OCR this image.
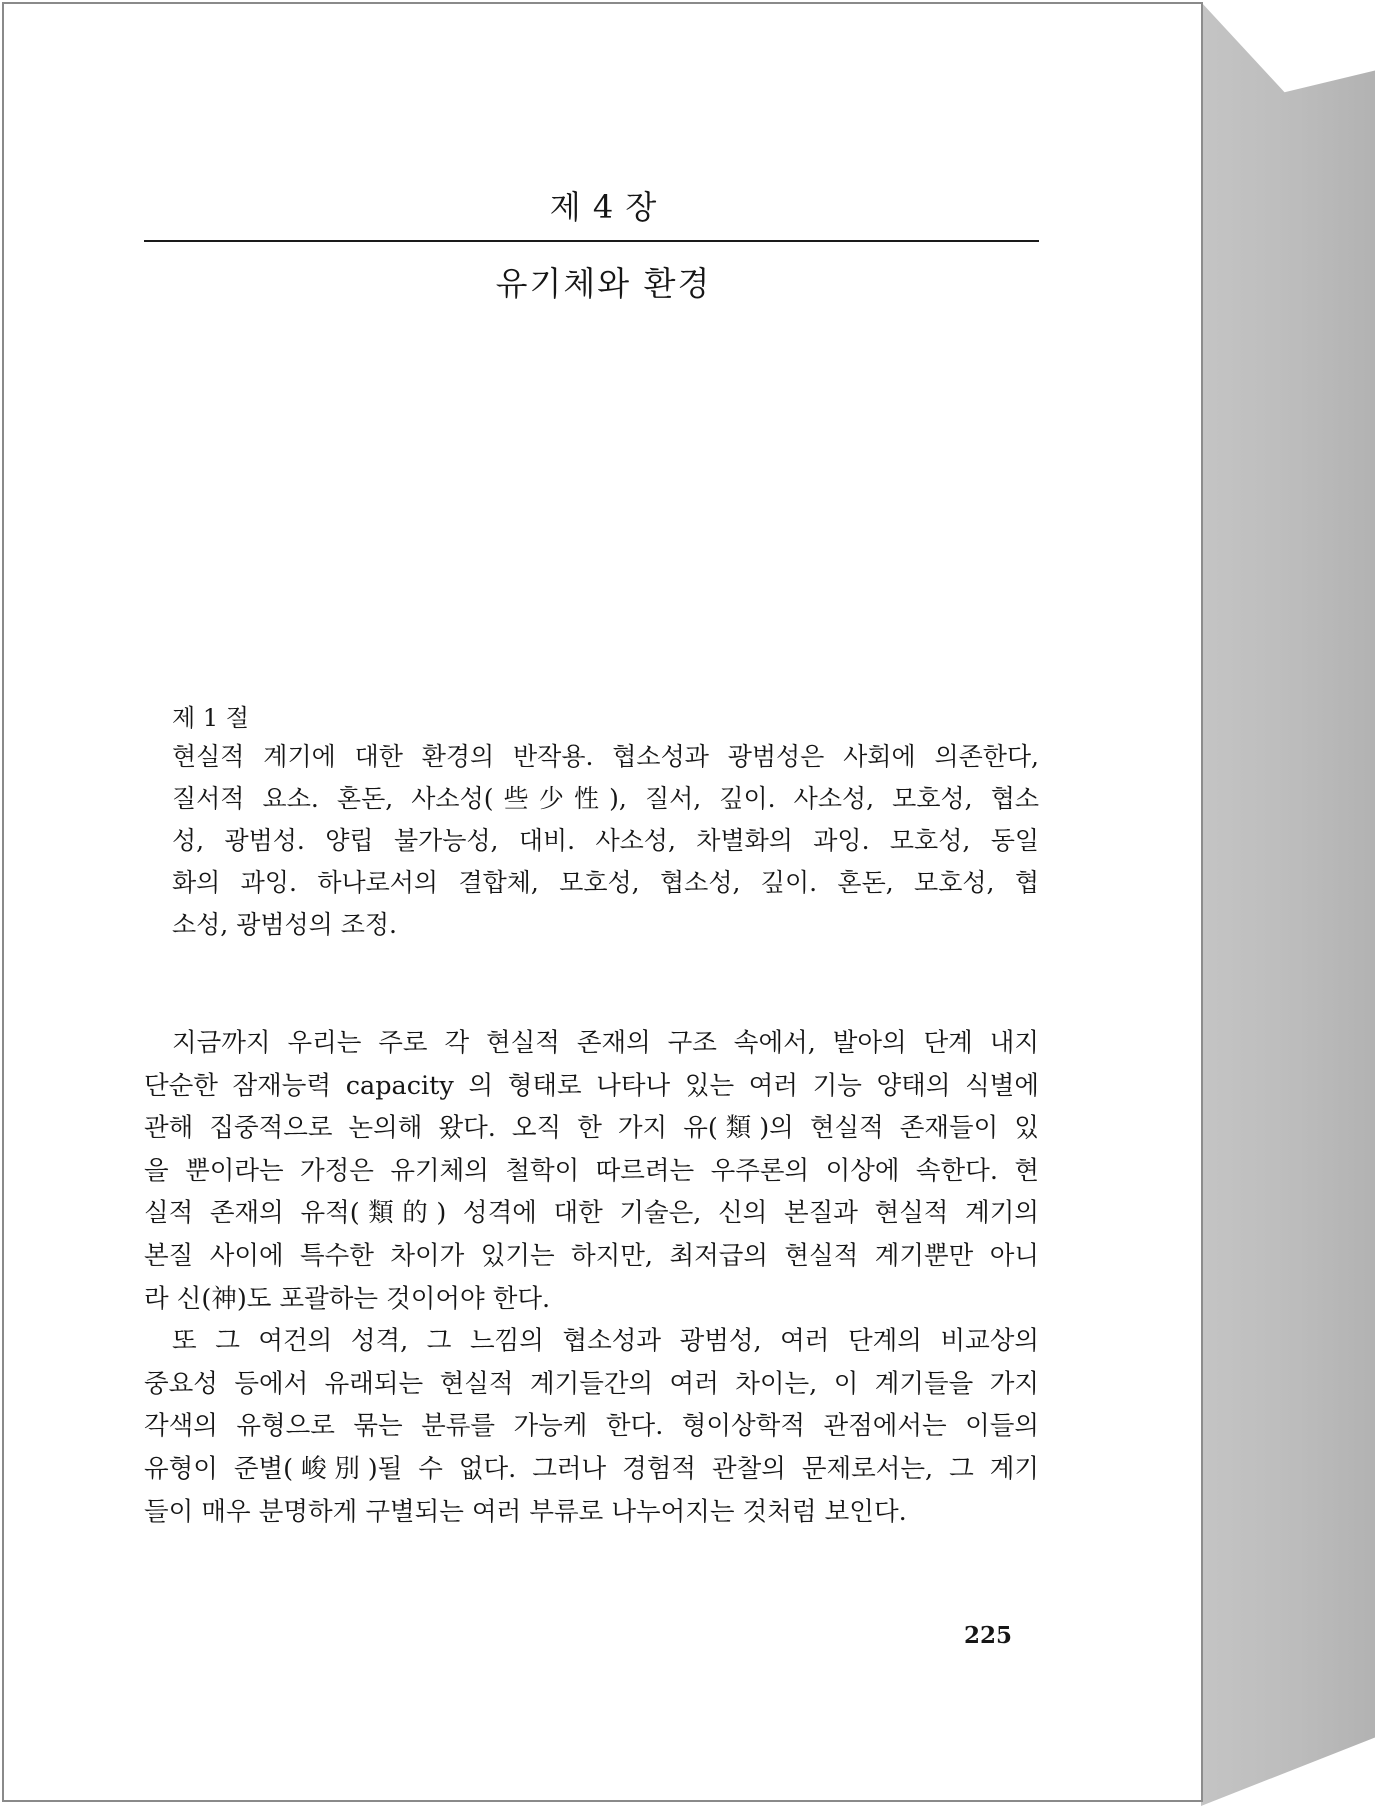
제 4 장
유기체와 환경
제 1 절
현실적 계기에 대한 환경의 반작용. 협소성과 광범성은 사회에 의존한다,
질서적 요소. 혼돈, 사소성(些少性), 질서, 깊이. 사소성, 모호성, 협소
성, 광범성. 양립 불가능성, 대비. 사소성, 차별화의 과잉. 모호성, 동일
화의 과잉. 하나로서의 결합체, 모호성, 협소성, 깊이. 혼돈, 모호성, 협
소성, 광범성의 조정.
지금까지 우리는 주로 각 현실적 존재의 구조 속에서, 발아의 단계 내지
단순한 잠재능력 capacity 의 형태로 나타나 있는 여러 기능 양태의 식별에
관해 집중적으로 논의해 왔다. 오직 한 가지 유(類)의 현실적 존재들이 있
을 뿐이라는 가정은 유기체의 철학이 따르려는 우주론의 이상에 속한다. 현
실적 존재의 유적(類的) 성격에 대한 기술은, 신의 본질과 현실적 계기의
본질 사이에 특수한 차이가 있기는 하지만, 최저급의 현실적 계기뿐만 아니
라 신(神)도 포괄하는 것이어야 한다.
또 그 여건의 성격, 그 느낌의 협소성과 광범성, 여러 단계의 비교상의
중요성 등에서 유래되는 현실적 계기들간의 여러 차이는, 이 계기들을 가지
각색의 유형으로 묶는 분류를 가능케 한다. 형이상학적 관점에서는 이들의
유형이 준별(峻別)될 수 없다. 그러나 경험적 관찰의 문제로서는, 그 계기
들이 매우 분명하게 구별되는 여러 부류로 나누어지는 것처럼 보인다.
225
